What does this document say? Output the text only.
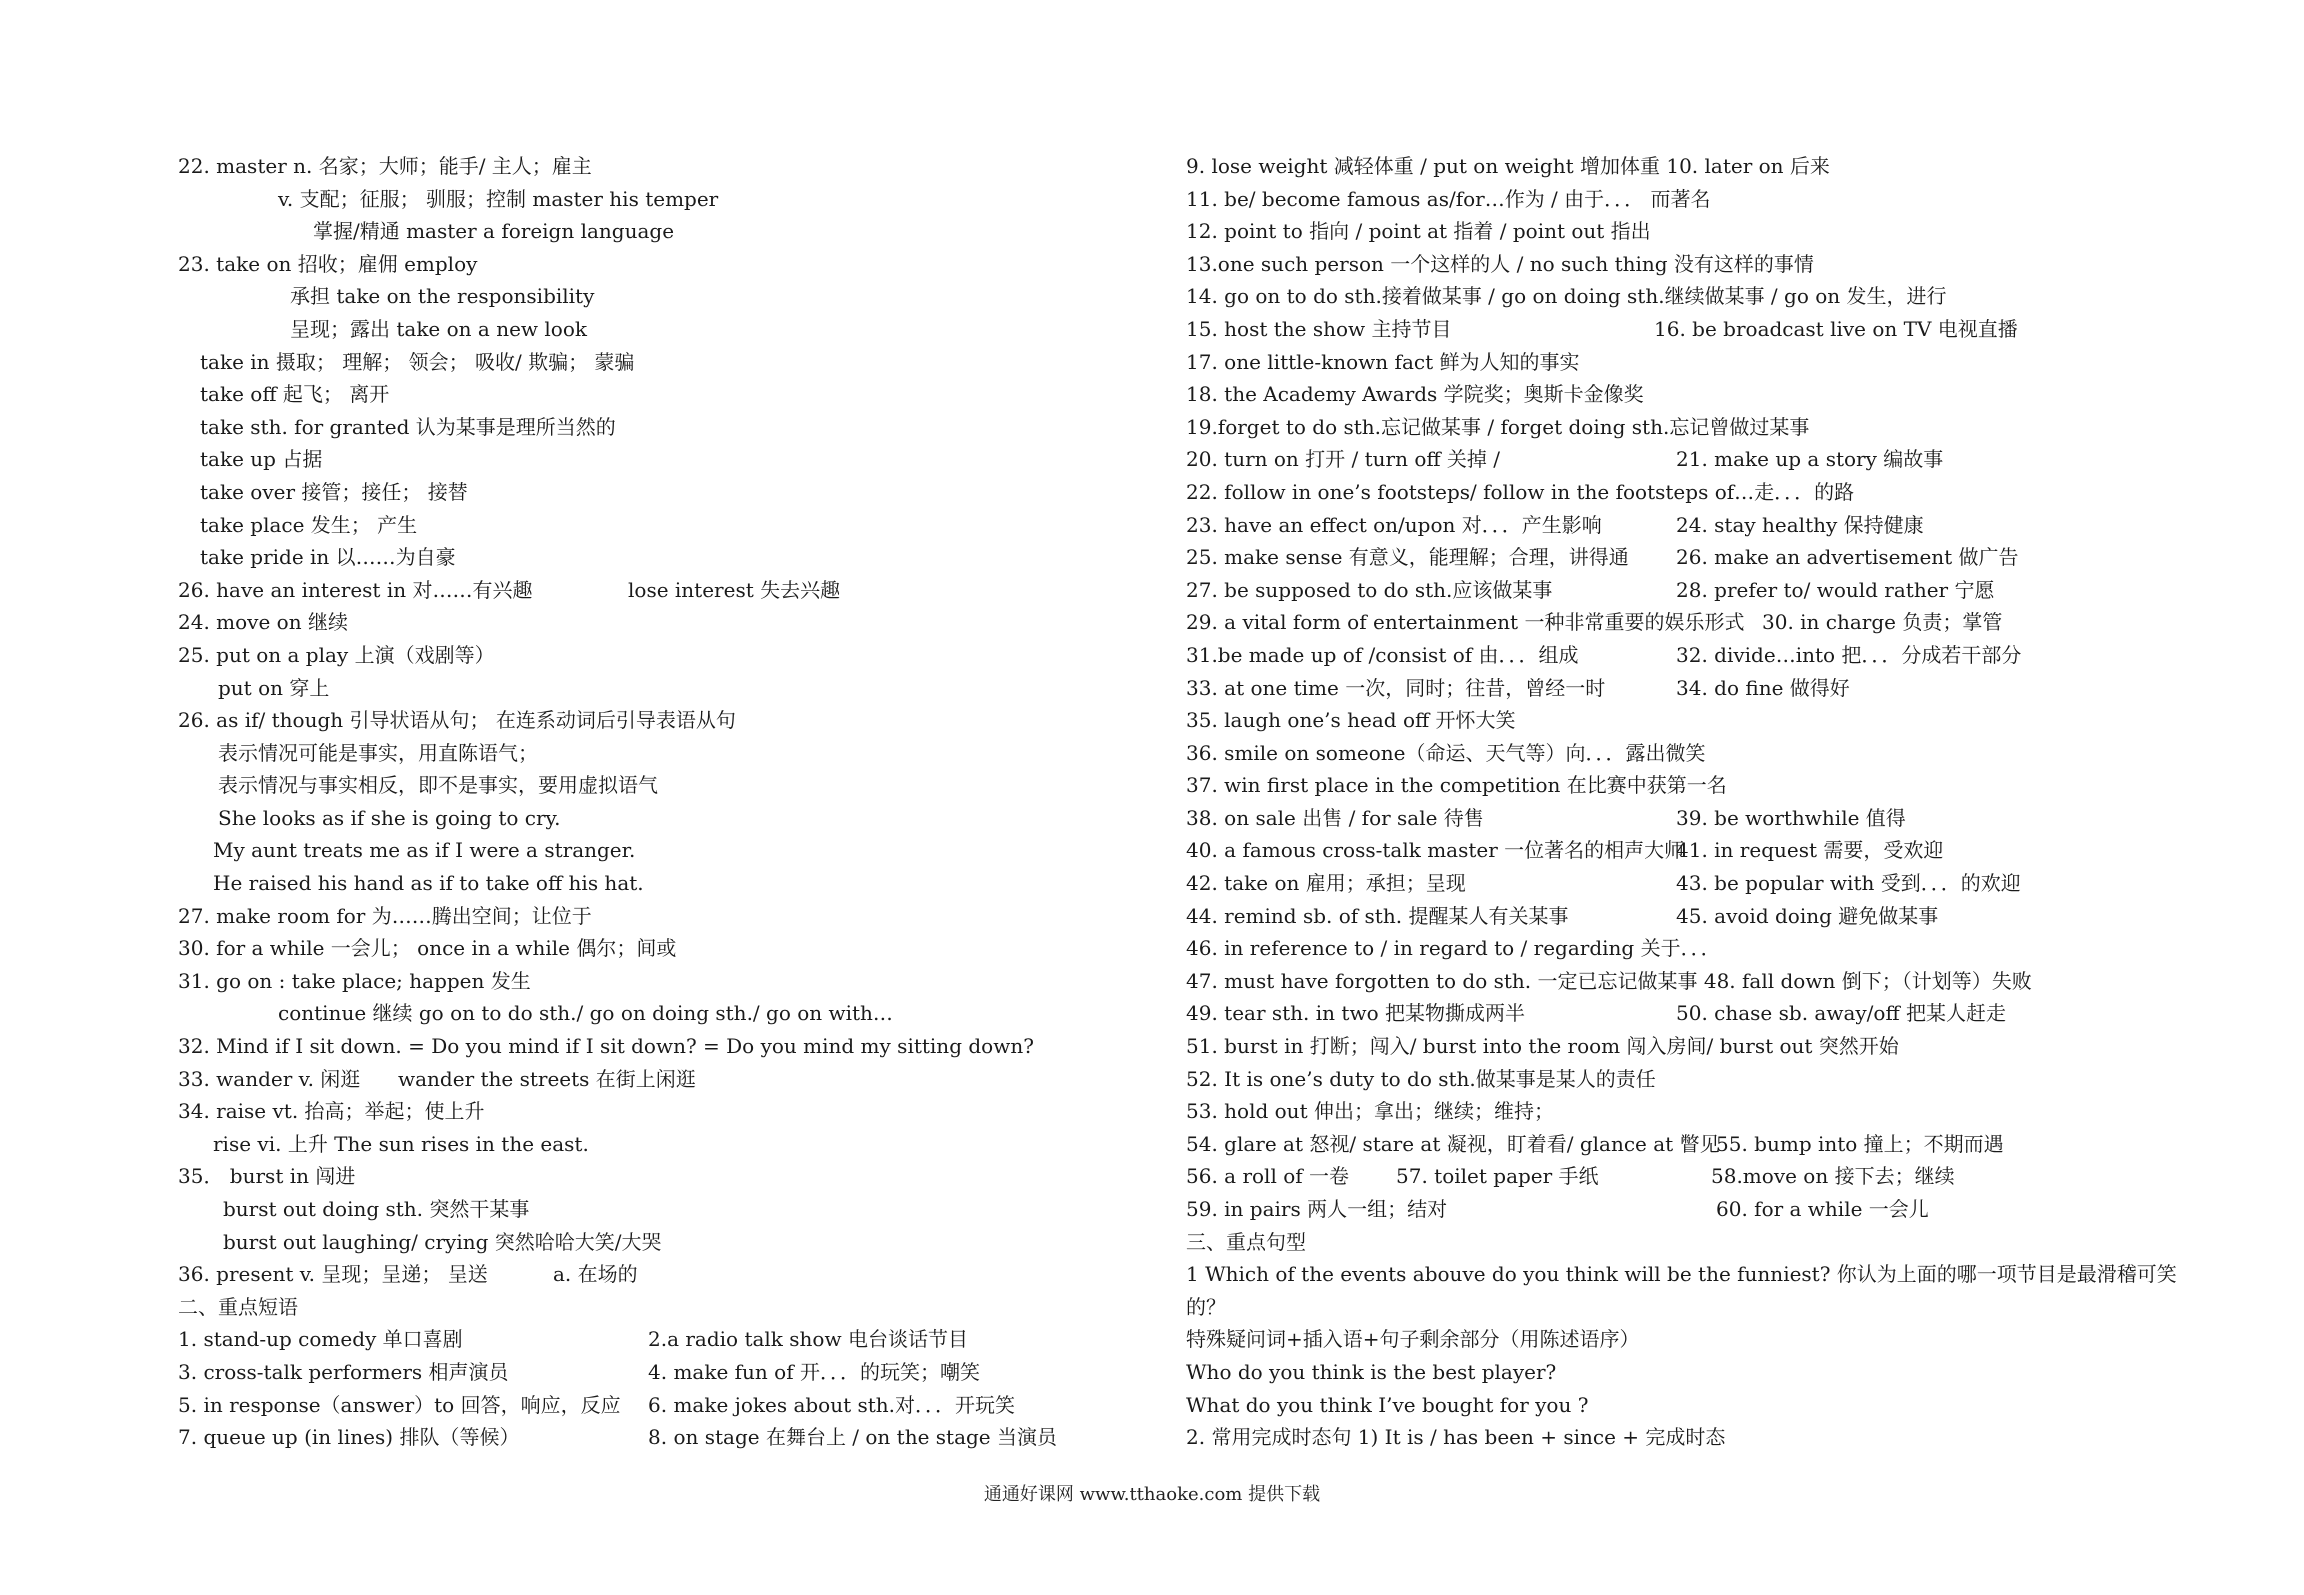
22. master n. 名家；大师；能手/ 主人；雇主
v. 支配；征服； 驯服；控制 master his temper
掌握/精通 master a foreign language
23. take on 招收；雇佣 employ
承担 take on the responsibility
呈现；露出 take on a new look
take in 摄取； 理解； 领会； 吸收/ 欺骗； 蒙骗
take off 起飞； 离开
take sth. for granted 认为某事是理所当然的
take up 占据
take over 接管；接任； 接替
take place 发生； 产生
take pride in 以……为自豪
26. have an interest in 对……有兴趣	lose interest 失去兴趣
24. move on 继续
25. put on a play 上演（戏剧等）
put on 穿上
26. as if/ though 引导状语从句； 在连系动词后引导表语从句
表示情况可能是事实，用直陈语气；
表示情况与事实相反，即不是事实，要用虚拟语气
She looks as if she is going to cry.
My aunt treats me as if I were a stranger.
He raised his hand as if to take off his hat.
27. make room for 为……腾出空间；让位于
30. for a while 一会儿； once in a while 偶尔；间或
31. go on : take place; happen 发生
continue 继续 go on to do sth./ go on doing sth./ go on with…
32. Mind if I sit down. = Do you mind if I sit down? = Do you mind my sitting down?
33. wander v. 闲逛 wander the streets 在街上闲逛
34. raise vt. 抬高；举起；使上升
rise vi. 上升 The sun rises in the east.
35． burst in 闯进
burst out doing sth. 突然干某事
burst out laughing/ crying 突然哈哈大笑/大哭
36. present v. 呈现；呈递； 呈送	a. 在场的
二、重点短语
1. stand-up comedy 单口喜剧	2.a radio talk show 电台谈话节目
3. cross-talk performers 相声演员	4. make fun of 开．．．的玩笑；嘲笑
5. in response（answer）to 回答，响应，反应 6. make jokes about sth.对．．．开玩笑
7. queue up (in lines) 排队（等候）	8. on stage 在舞台上 / on the stage 当演员
9. lose weight 减轻体重 / put on weight 增加体重 10. later on 后来
11. be/ become famous as/for…作为 / 由于．．． 而著名
12. point to 指向 / point at 指着 / point out 指出
13.one such person 一个这样的人 / no such thing 没有这样的事情
14. go on to do sth.接着做某事 / go on doing sth.继续做某事 / go on 发生，进行
15. host the show 主持节目	16. be broadcast live on TV 电视直播
17. one little-known fact 鲜为人知的事实
18. the Academy Awards 学院奖；奥斯卡金像奖
19.forget to do sth.忘记做某事 / forget doing sth.忘记曾做过某事
20. turn on 打开 / turn off 关掉 /	21. make up a story 编故事
22. follow in one’s footsteps/ follow in the footsteps of…走．．．的路
23. have an effect on/upon 对．．．产生影响	24. stay healthy 保持健康
25. make sense 有意义，能理解；合理，讲得通 26. make an advertisement 做广告
27. be supposed to do sth.应该做某事	28. prefer to/ would rather 宁愿
29. a vital form of entertainment 一种非常重要的娱乐形式 30. in charge 负责；掌管
31.be made up of /consist of 由．．．组成	32. divide…into 把．．．分成若干部分
33. at one time 一次，同时；往昔，曾经一时	34. do fine 做得好
35. laugh one’s head off 开怀大笑
36. smile on someone（命运、天气等）向．．．露出微笑
37. win first place in the competition 在比赛中获第一名
38. on sale 出售 / for sale 待售	39. be worthwhile 值得
40. a famous cross-talk master 一位著名的相声大师
41. in request 需要，受欢迎
42. take on 雇用；承担；呈现	43. be popular with 受到．．．的欢迎
44. remind sb. of sth. 提醒某人有关某事	45. avoid doing 避免做某事
46. in reference to / in regard to / regarding 关于．．．
47. must have forgotten to do sth. 一定已忘记做某事 48. fall down 倒下；（计划等）失败
49. tear sth. in two 把某物撕成两半	50. chase sb. away/off 把某人赶走
51. burst in 打断；闯入/ burst into the room 闯入房间/ burst out 突然开始
52. It is one’s duty to do sth.做某事是某人的责任
53. hold out 伸出；拿出；继续；维持；
54. glare at 怒视/ stare at 凝视，盯着看/ glance at 瞥见
55. bump into 撞上；不期而遇
56. a roll of 一卷 57. toilet paper 手纸	58.move on 接下去；继续
59. in pairs 两人一组；结对	60. for a while 一会儿
三、重点句型
1 Which of the events abouve do you think will be the funniest? 你认为上面的哪一项节目是最滑稽可笑
的？
特殊疑问词+插入语+句子剩余部分（用陈述语序）
Who do you think is the best player?
What do you think I’ve bought for you ?
2. 常用完成时态句 1) It is / has been + since + 完成时态
通通好课网 www.tthaoke.com 提供下载
